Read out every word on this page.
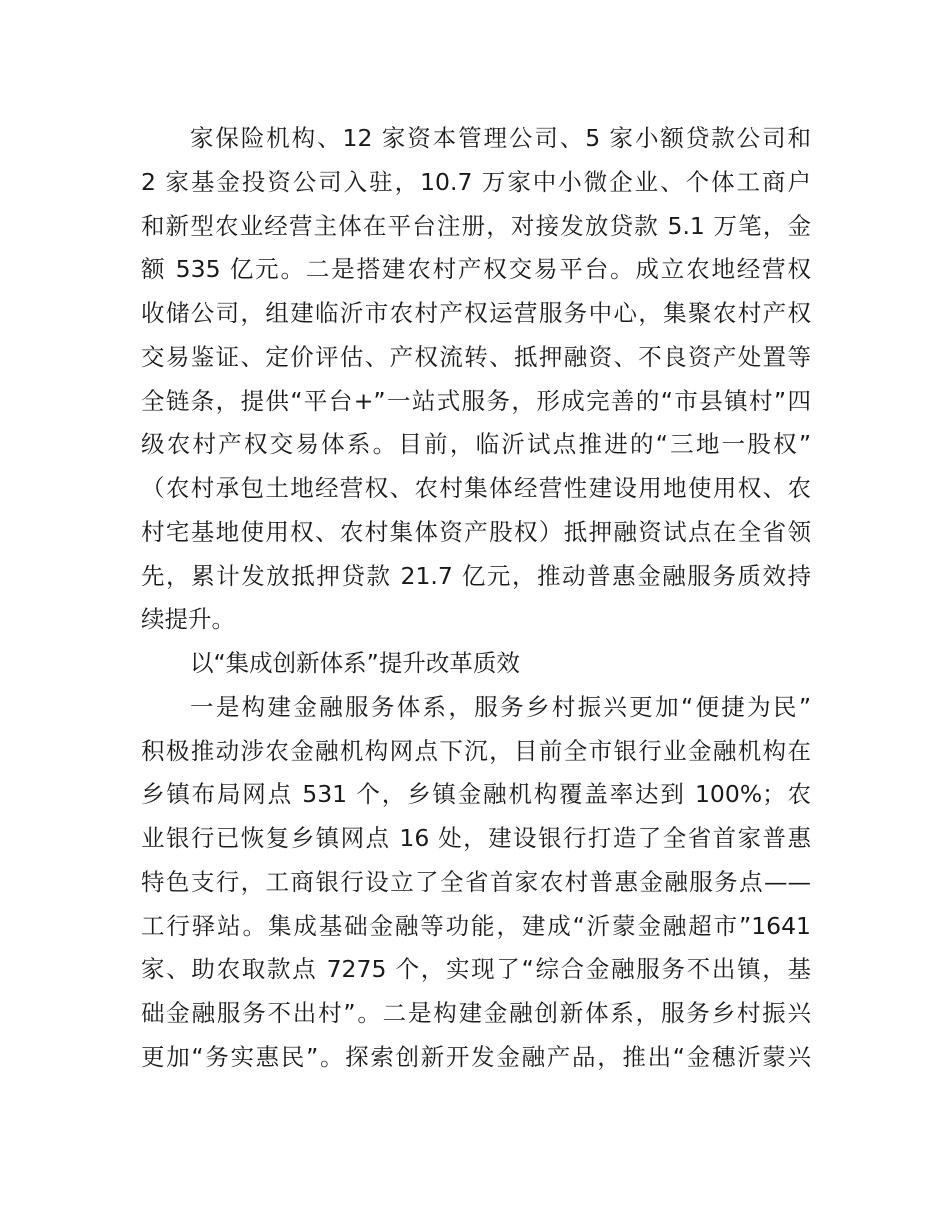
家保险机构、12 家资本管理公司、5 家小额贷款公司和
2 家基金投资公司入驻，10.7 万家中小微企业、个体工商户
和新型农业经营主体在平台注册，对接发放贷款 5.1 万笔，金
额 535 亿元。二是搭建农村产权交易平台。成立农地经营权
收储公司，组建临沂市农村产权运营服务中心，集聚农村产权
交易鉴证、定价评估、产权流转、抵押融资、不良资产处置等
全链条，提供“平台+”一站式服务，形成完善的“市县镇村”四
级农村产权交易体系。目前，临沂试点推进的“三地一股权”
（农村承包土地经营权、农村集体经营性建设用地使用权、农
村宅基地使用权、农村集体资产股权）抵押融资试点在全省领
先，累计发放抵押贷款 21.7 亿元，推动普惠金融服务质效持
续提升。
以“集成创新体系”提升改革质效
一是构建金融服务体系，服务乡村振兴更加“便捷为民”
积极推动涉农金融机构网点下沉，目前全市银行业金融机构在
乡镇布局网点 531 个，乡镇金融机构覆盖率达到 100%；农
业银行已恢复乡镇网点 16 处，建设银行打造了全省首家普惠
特色支行，工商银行设立了全省首家农村普惠金融服务点——
工行驿站。集成基础金融等功能，建成“沂蒙金融超市”1641
家、助农取款点 7275 个，实现了“综合金融服务不出镇，基
础金融服务不出村”。二是构建金融创新体系，服务乡村振兴
更加“务实惠民”。探索创新开发金融产品，推出“金穗沂蒙兴
